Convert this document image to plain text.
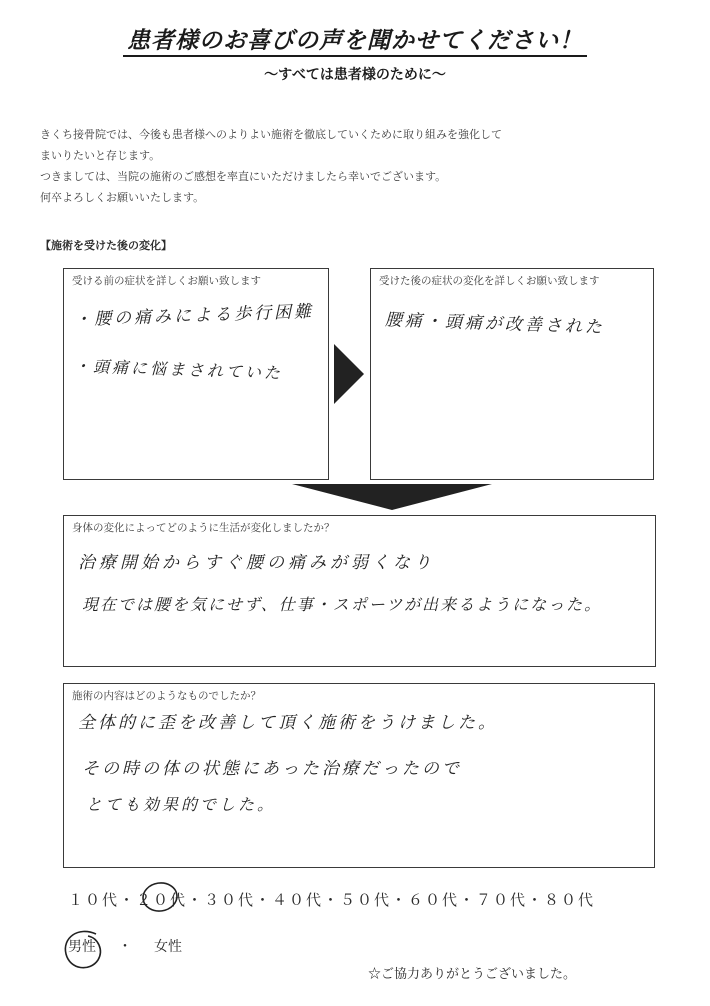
患者様のお喜びの声を聞かせてください！
～すべては患者様のために～
きくち接骨院では、今後も患者様へのよりよい施術を徹底していくために取り組みを強化して
まいりたいと存じます。
つきましては、当院の施術のご感想を率直にいただけましたら幸いでございます。
何卒よろしくお願いいたします。
【施術を受けた後の変化】
受ける前の症状を詳しくお願い致します
・腰の痛みによる歩行困難
・頭痛に悩まされていた
受けた後の症状の変化を詳しくお願い致します
腰痛・頭痛が改善された
身体の変化によってどのように生活が変化しましたか？
治療開始からすぐ腰の痛みが弱くなり
現在では腰を気にせず、仕事・スポーツが出来るようになった。
施術の内容はどのようなものでしたか？
全体的に歪を改善して頂く施術をうけました。
その時の体の状態にあった治療だったので
とても効果的でした。
１０代・２０代・３０代・４０代・５０代・６０代・７０代・８０代
男性 ・ 女性
☆ご協力ありがとうございました。
